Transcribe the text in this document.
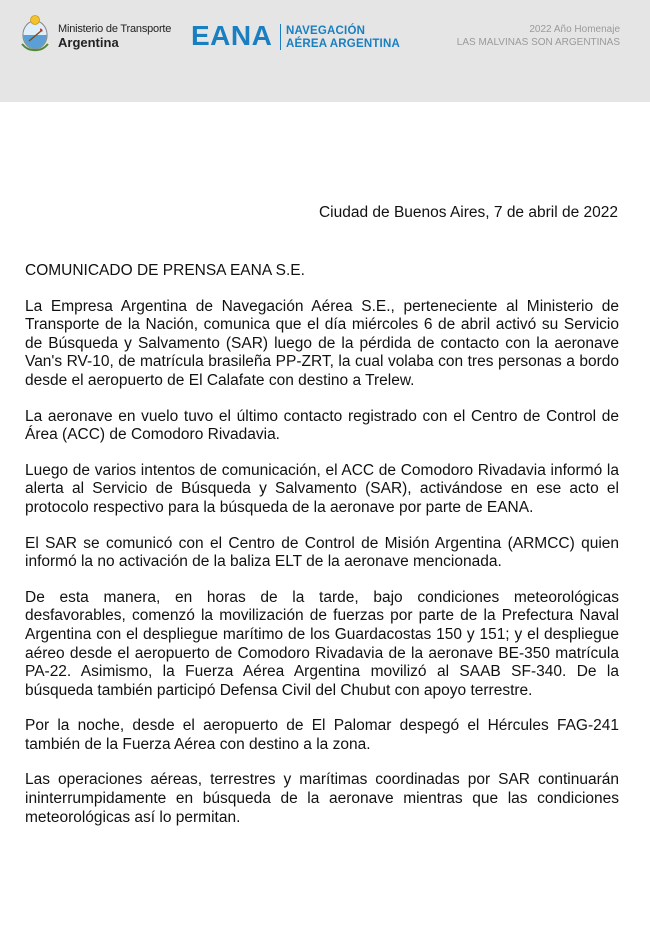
Ministerio de Transporte
Argentina	EANA NAVEGACIÓN
AÉREA ARGENTINA
2022 Año Homenaje
LAS MALVINAS SON ARGENTINAS
Ciudad de Buenos Aires, 7 de abril de 2022

COMUNICADO DE PRENSA EANA S.E.

La Empresa Argentina de Navegación Aérea S.E., perteneciente al Ministerio de Transporte de la Nación, comunica que el día miércoles 6 de abril activó su Servicio de Búsqueda y Salvamento (SAR) luego de la pérdida de contacto con la aeronave Van's RV-10, de matrícula brasileña PP-ZRT, la cual volaba con tres personas a bordo desde el aeropuerto de El Calafate con destino a Trelew.

La aeronave en vuelo tuvo el último contacto registrado con el Centro de Control de Área (ACC) de Comodoro Rivadavia.

Luego de varios intentos de comunicación, el ACC de Comodoro Rivadavia informó la alerta al Servicio de Búsqueda y Salvamento (SAR), activándose en ese acto el protocolo respectivo para la búsqueda de la aeronave por parte de EANA.

El SAR se comunicó con el Centro de Control de Misión Argentina (ARMCC) quien informó la no activación de la baliza ELT de la aeronave mencionada.

De esta manera, en horas de la tarde, bajo condiciones meteorológicas desfavorables, comenzó la movilización de fuerzas por parte de la Prefectura Naval Argentina con el despliegue marítimo de los Guardacostas 150 y 151; y el despliegue aéreo desde el aeropuerto de Comodoro Rivadavia de la aeronave BE-350 matrícula PA-22. Asimismo, la Fuerza Aérea Argentina movilizó al SAAB SF-340. De la búsqueda también participó Defensa Civil del Chubut con apoyo terrestre.

Por la noche, desde el aeropuerto de El Palomar despegó el Hércules FAG-241 también de la Fuerza Aérea con destino a la zona.

Las operaciones aéreas, terrestres y marítimas coordinadas por SAR continuarán ininterrumpidamente en búsqueda de la aeronave mientras que las condiciones meteorológicas así lo permitan.
